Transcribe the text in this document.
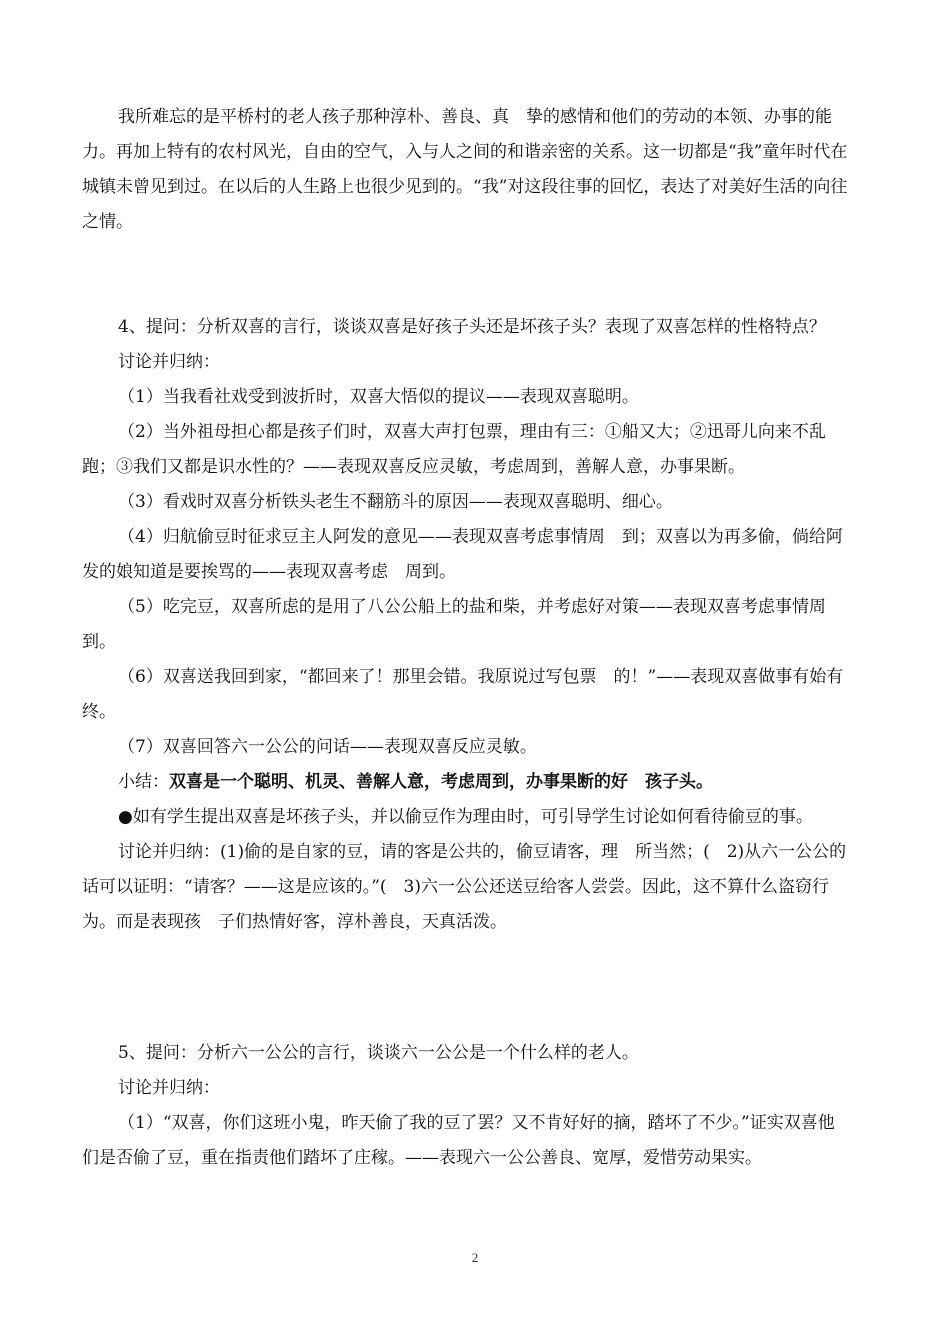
我所难忘的是平桥村的老人孩子那种淳朴、善良、真　挚的感情和他们的劳动的本领、办事的能力。再加上特有的农村风光，自由的空气，入与人之间的和谐亲密的关系。这一切都是“我”童年时代在城镇未曾见到过。在以后的人生路上也很少见到的。“我”对这段往事的回忆，表达了对美好生活的向往之情。

4、提问：分析双喜的言行，谈谈双喜是好孩子头还是坏孩子头？表现了双喜怎样的性格特点？

讨论并归纳：

（1）当我看社戏受到波折时，双喜大悟似的提议——表现双喜聪明。

（2）当外祖母担心都是孩子们时，双喜大声打包票，理由有三：①船又大；②迅哥儿向来不乱跑；③我们又都是识水性的？——表现双喜反应灵敏，考虑周到，善解人意，办事果断。

（3）看戏时双喜分析铁头老生不翻筋斗的原因——表现双喜聪明、细心。

（4）归航偷豆时征求豆主人阿发的意见——表现双喜考虑事情周　到；双喜以为再多偷，倘给阿发的娘知道是要挨骂的——表现双喜考虑　周到。

（5）吃完豆，双喜所虑的是用了八公公船上的盐和柴，并考虑好对策——表现双喜考虑事情周到。

（6）双喜送我回到家，“都回来了！那里会错。我原说过写包票　的！”——表现双喜做事有始有终。

（7）双喜回答六一公公的问话——表现双喜反应灵敏。

小结：双喜是一个聪明、机灵、善解人意，考虑周到，办事果断的好　孩子头。

●如有学生提出双喜是坏孩子头，并以偷豆作为理由时，可引导学生讨论如何看待偷豆的事。

讨论并归纳：(1)偷的是自家的豆，请的客是公共的，偷豆请客，理　所当然；(　2)从六一公公的话可以证明：“请客？——这是应该的。”(　3)六一公公还送豆给客人尝尝。因此，这不算什么盗窃行为。而是表现孩　子们热情好客，淳朴善良，天真活泼。

5、提问：分析六一公公的言行，谈谈六一公公是一个什么样的老人。

讨论并归纳：

（1）“双喜，你们这班小鬼，昨天偷了我的豆了罢？又不肯好好的摘，踏坏了不少。”证实双喜他们是否偷了豆，重在指责他们踏坏了庄稼。——表现六一公公善良、宽厚，爱惜劳动果实。

2
